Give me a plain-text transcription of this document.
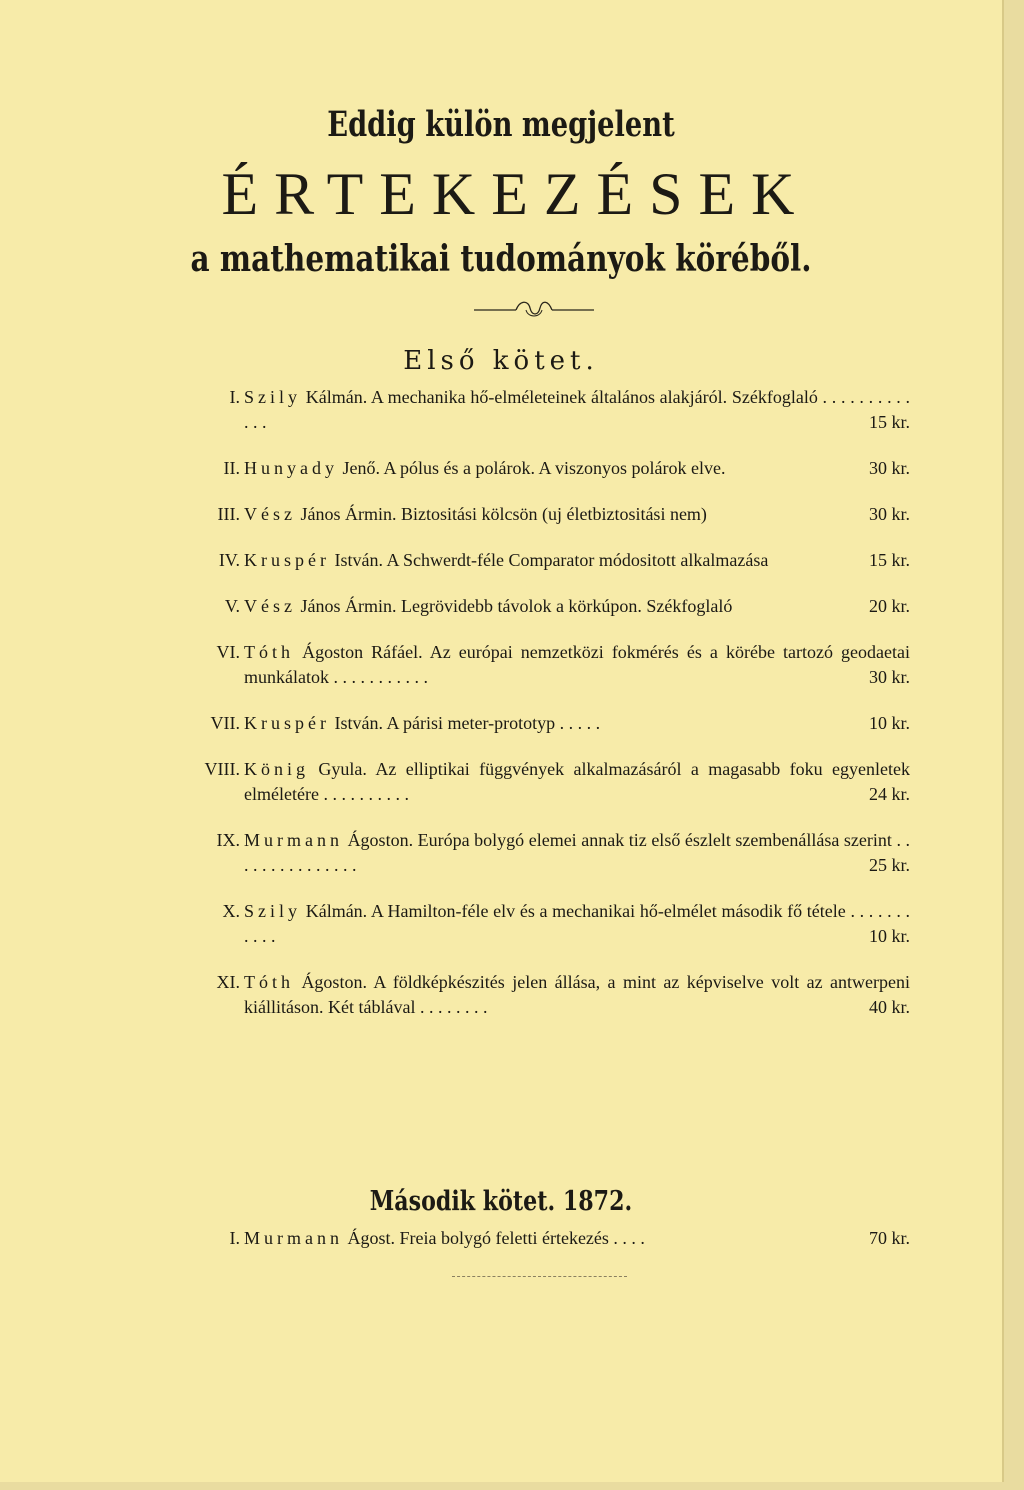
Eddig külön megjelent
ÉRTEKEZÉSEK
a mathematikai tudományok köréből.
Első kötet.
I. Szily Kálmán. A mechanika hő-elméleteinek általános alakjáról. Székfoglaló . . . . . . . . . . . . .	15 kr.
II. Hunyady Jenő. A pólus és a polárok. A viszonyos polárok elve.	30 kr.
III. Vész János Ármin. Biztositási kölcsön (uj életbiztositási nem)	30 kr.
IV. Kruspér István. A Schwerdt-féle Comparator módositott alkalmazása	15 kr.
V. Vész János Ármin. Legrövidebb távolok a körkúpon. Székfoglaló	20 kr.
VI. Tóth Ágoston Ráfáel. Az európai nemzetközi fokmérés és a körébe tartozó geodaetai munkálatok . . . . . . . . . . .	30 kr.
VII. Kruspér István. A párisi meter-prototyp . . . . .	10 kr.
VIII. König Gyula. Az elliptikai függvények alkalmazásáról a magasabb foku egyenletek elméletére . . . . . . . . . .	24 kr.
IX. Murmann Ágoston. Európa bolygó elemei annak tiz első észlelt szembenállása szerint . . . . . . . . . . . . . . .	25 kr.
X. Szily Kálmán. A Hamilton-féle elv és a mechanikai hő-elmélet második fő tétele . . . . . . . . . . .	10 kr.
XI. Tóth Ágoston. A földképkészités jelen állása, a mint az képviselve volt az antwerpeni kiállitáson. Két táblával . . . . . . . .	40 kr.
Második kötet. 1872.
I. Murmann Ágost. Freia bolygó feletti értekezés . . . .	70 kr.
